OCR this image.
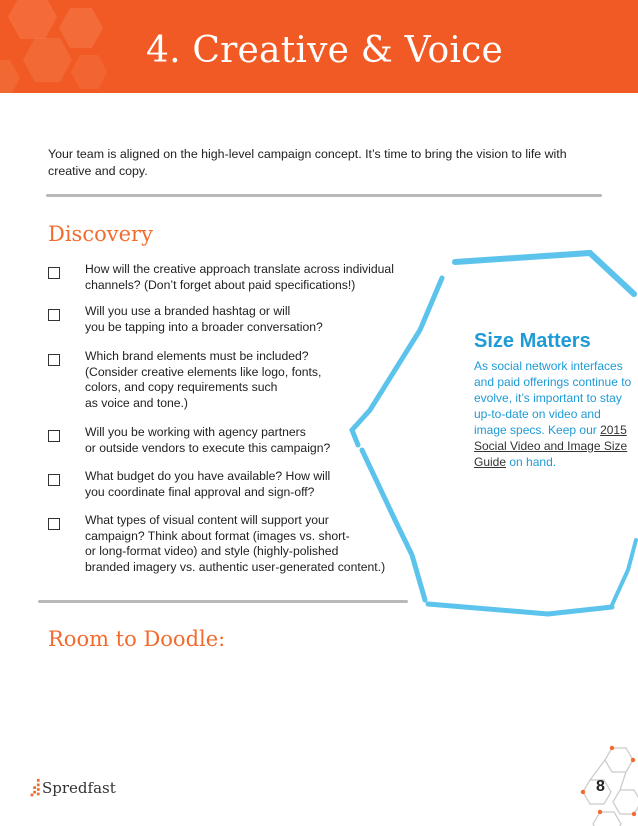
4. Creative & Voice
Your team is aligned on the high-level campaign concept. It’s time to bring the vision to life with creative and copy.
Discovery
How will the creative approach translate across individual
channels? (Don’t forget about paid specifications!)
Will you use a branded hashtag or will
you be tapping into a broader conversation?
Which brand elements must be included?
(Consider creative elements like logo, fonts,
colors, and copy requirements such
as voice and tone.)
Will you be working with agency partners
or outside vendors to execute this campaign?
What budget do you have available? How will
you coordinate final approval and sign-off?
What types of visual content will support your
campaign? Think about format (images vs. short-
or long-format video) and style (highly-polished
branded imagery vs. authentic user-generated content.)
Size Matters
As social network interfaces and paid offerings continue to evolve, it’s important to stay up-to-date on video and image specs. Keep our 2015 Social Video and Image Size Guide on hand.
Room to Doodle:
Spredfast	8
